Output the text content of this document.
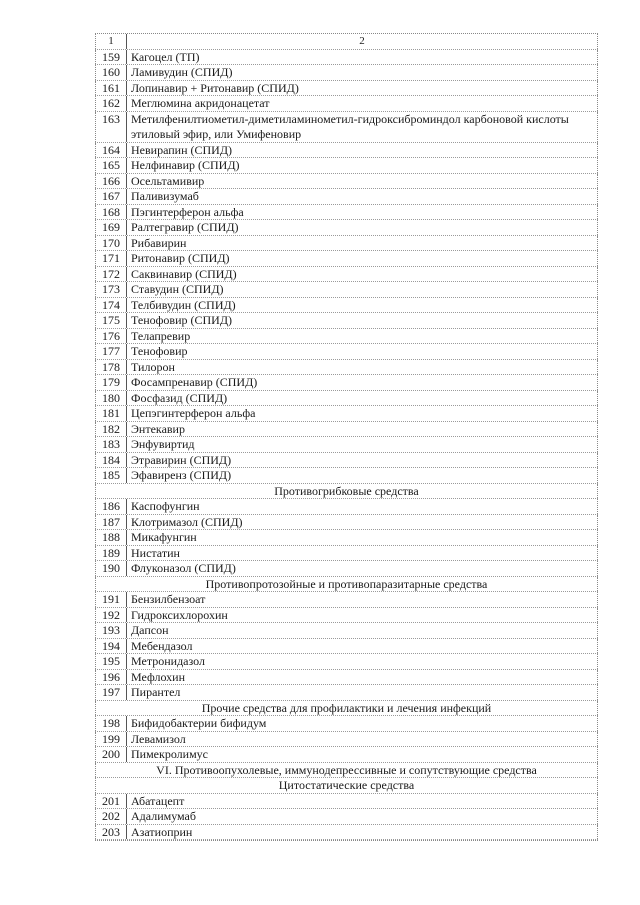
1	2
159 Кагоцел (ТП)
160 Ламивудин (СПИД)
161 Лопинавир + Ритонавир (СПИД)
162 Меглюмина акридонацетат
163 Метилфенилтиометил-диметиламинометил-гидроксиброминдол карбоновой кислоты этиловый эфир, или Умифеновир
164 Невирапин (СПИД)
165 Нелфинавир (СПИД)
166 Осельтамивир
167 Паливизумаб
168 Пэгинтерферон альфа
169 Ралтегравир (СПИД)
170 Рибавирин
171 Ритонавир (СПИД)
172 Саквинавир (СПИД)
173 Ставудин (СПИД)
174 Телбивудин (СПИД)
175 Тенофовир (СПИД)
176 Телапревир
177 Тенофовир
178 Тилорон
179 Фосампренавир (СПИД)
180 Фосфазид (СПИД)
181 Цепэгинтерферон альфа
182 Энтекавир
183 Энфувиртид
184 Этравирин (СПИД)
185 Эфавиренз (СПИД)
Противогрибковые средства
186 Каспофунгин
187 Клотримазол (СПИД)
188 Микафунгин
189 Нистатин
190 Флуконазол (СПИД)
Противопротозойные и противопаразитарные средства
191 Бензилбензоат
192 Гидроксихлорохин
193 Дапсон
194 Мебендазол
195 Метронидазол
196 Мефлохин
197 Пирантел
Прочие средства для профилактики и лечения инфекций
198 Бифидобактерии бифидум
199 Левамизол
200 Пимекролимус
VI. Противоопухолевые, иммунодепрессивные и сопутствующие средства
Цитостатические средства
201 Абатацепт
202 Адалимумаб
203 Азатиоприн
